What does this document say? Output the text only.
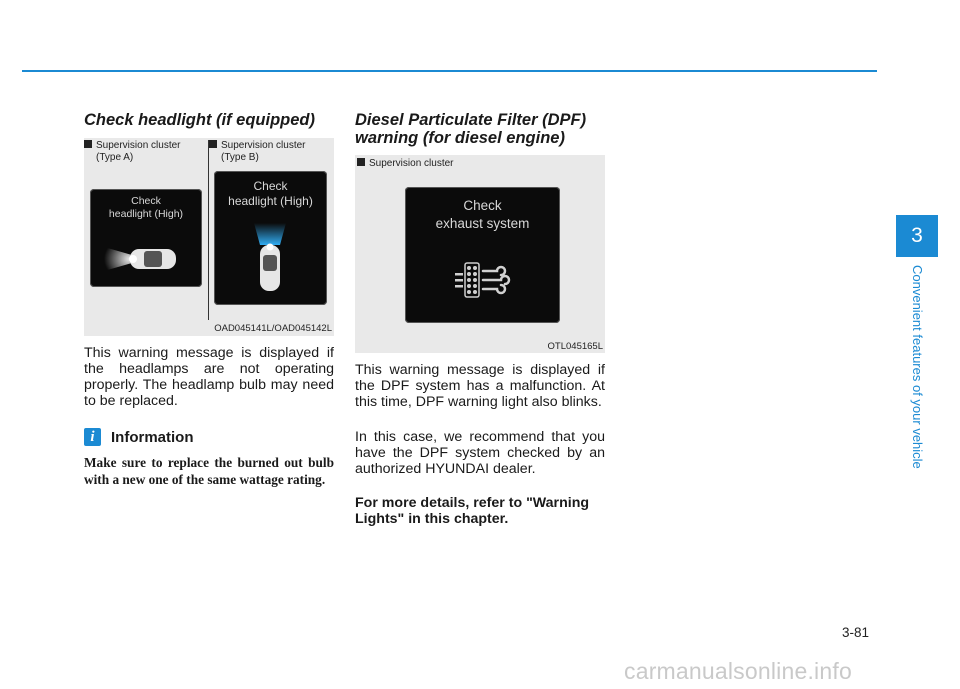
Check headlight (if equipped)
Supervision cluster
(Type A)
Supervision cluster
(Type B)
Check
headlight (High)
Check
headlight (High)
OAD045141L/OAD045142L

This warning message is displayed if the headlamps are not operating properly. The headlamp bulb may need to be replaced.

i	Information

Make sure to replace the burned out bulb with a new one of the same wattage rating.

Diesel Particulate Filter (DPF)
warning (for diesel engine)
Supervision cluster
Check
exhaust system
OTL045165L

This warning message is displayed if the DPF system has a malfunction. At this time, DPF warning light also blinks.

In this case, we recommend that you have the DPF system checked by an authorized HYUNDAI dealer.

For more details, refer to "Warning Lights" in this chapter.

3
Convenient features of your vehicle
3-81
carmanualsonline.info
